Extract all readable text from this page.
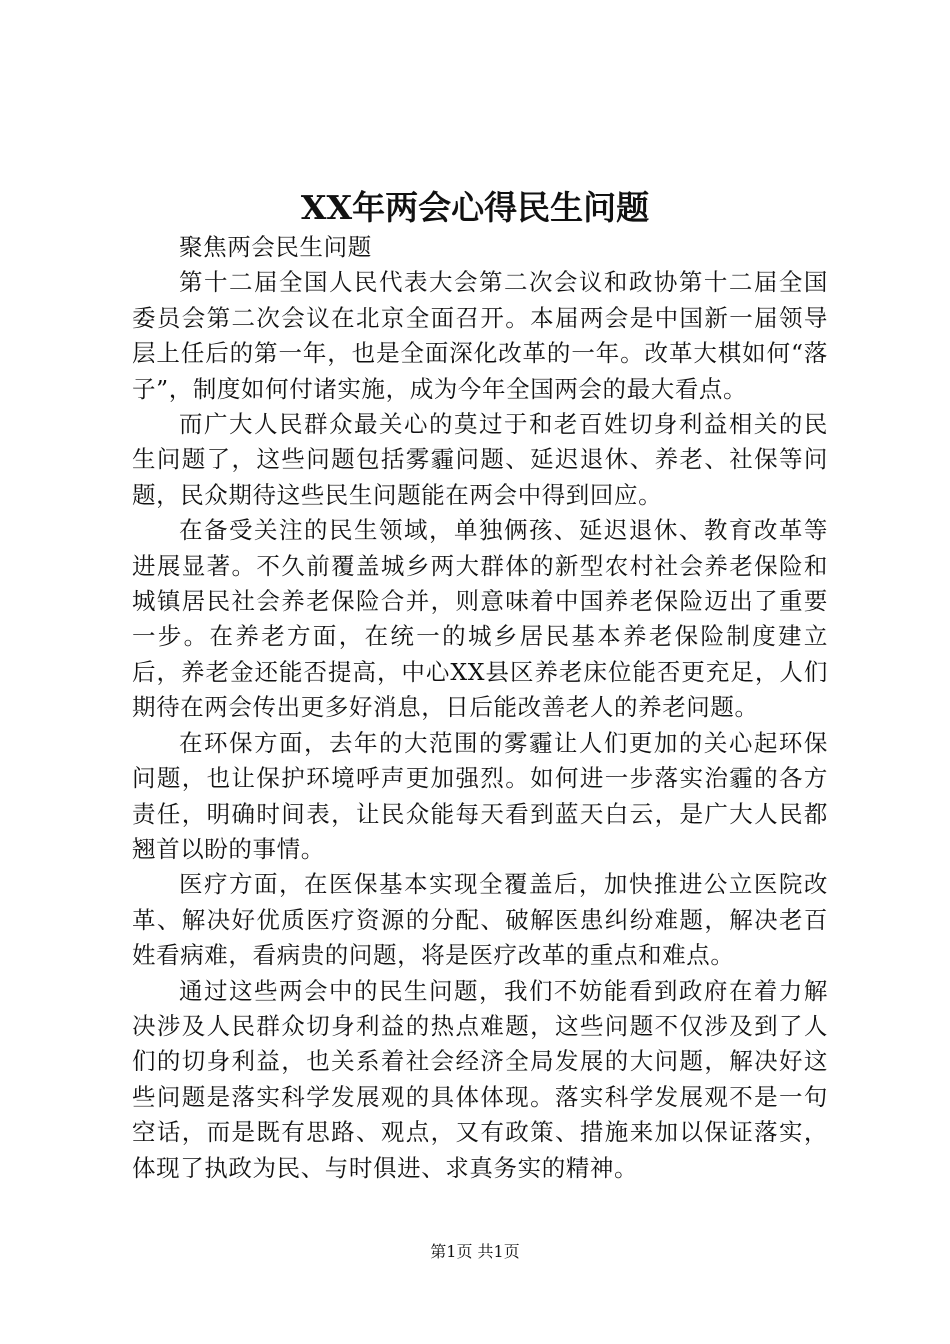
XX年两会心得民生问题

聚焦两会民生问题

第十二届全国人民代表大会第二次会议和政协第十二届全国委员会第二次会议在北京全面召开。本届两会是中国新一届领导层上任后的第一年，也是全面深化改革的一年。改革大棋如何“落子”，制度如何付诸实施，成为今年全国两会的最大看点。

而广大人民群众最关心的莫过于和老百姓切身利益相关的民生问题了，这些问题包括雾霾问题、延迟退休、养老、社保等问题，民众期待这些民生问题能在两会中得到回应。

在备受关注的民生领域，单独俩孩、延迟退休、教育改革等进展显著。不久前覆盖城乡两大群体的新型农村社会养老保险和城镇居民社会养老保险合并，则意味着中国养老保险迈出了重要一步。在养老方面，在统一的城乡居民基本养老保险制度建立后，养老金还能否提高，中心XX县区养老床位能否更充足，人们期待在两会传出更多好消息，日后能改善老人的养老问题。

在环保方面，去年的大范围的雾霾让人们更加的关心起环保问题，也让保护环境呼声更加强烈。如何进一步落实治霾的各方责任，明确时间表，让民众能每天看到蓝天白云，是广大人民都翘首以盼的事情。

医疗方面，在医保基本实现全覆盖后，加快推进公立医院改革、解决好优质医疗资源的分配、破解医患纠纷难题，解决老百姓看病难，看病贵的问题，将是医疗改革的重点和难点。

通过这些两会中的民生问题，我们不妨能看到政府在着力解决涉及人民群众切身利益的热点难题，这些问题不仅涉及到了人们的切身利益，也关系着社会经济全局发展的大问题，解决好这些问题是落实科学发展观的具体体现。落实科学发展观不是一句空话，而是既有思路、观点，又有政策、措施来加以保证落实，体现了执政为民、与时俱进、求真务实的精神。

第1页 共1页
